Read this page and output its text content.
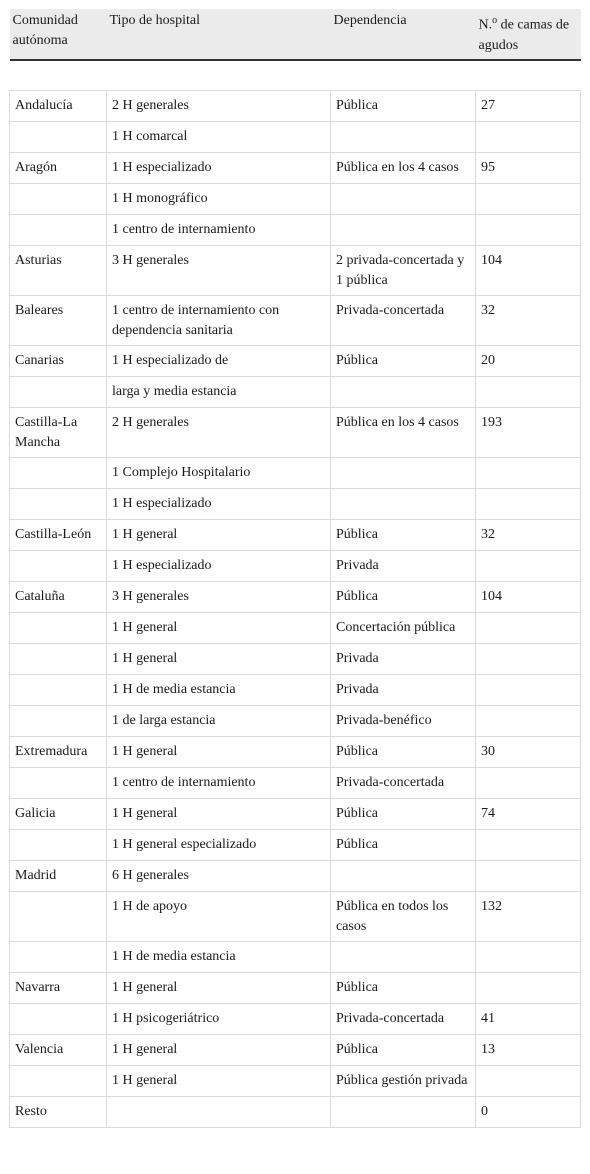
Comunidad autónoma	Tipo de hospital	Dependencia	N.$^o$ de camas de agudos

Andalucía	2 H generales	Pública	27
	1 H comarcal		
Aragón	1 H especializado	Pública en los 4 casos	95
	1 H monográfico		
	1 centro de internamiento		
Asturias	3 H generales	2 privada-concertada y 1 pública	104
Baleares	1 centro de internamiento con dependencia sanitaria	Privada-concertada	32
Canarias	1 H especializado de	Pública	20
	larga y media estancia		
Castilla-La Mancha	2 H generales	Pública en los 4 casos	193
	1 Complejo Hospitalario		
	1 H especializado		
Castilla-León	1 H general	Pública	32
	1 H especializado	Privada	
Cataluña	3 H generales	Pública	104
	1 H general	Concertación pública	
	1 H general	Privada	
	1 H de media estancia	Privada	
	1 de larga estancia	Privada-benéfico	
Extremadura	1 H general	Pública	30
	1 centro de internamiento	Privada-concertada	
Galicia	1 H general	Pública	74
	1 H general especializado	Pública	
Madrid	6 H generales		
	1 H de apoyo	Pública en todos los casos	132
	1 H de media estancia		
Navarra	1 H general	Pública	
	1 H psicogeriátrico	Privada-concertada	41
Valencia	1 H general	Pública	13
	1 H general	Pública gestión privada	
Resto			0
